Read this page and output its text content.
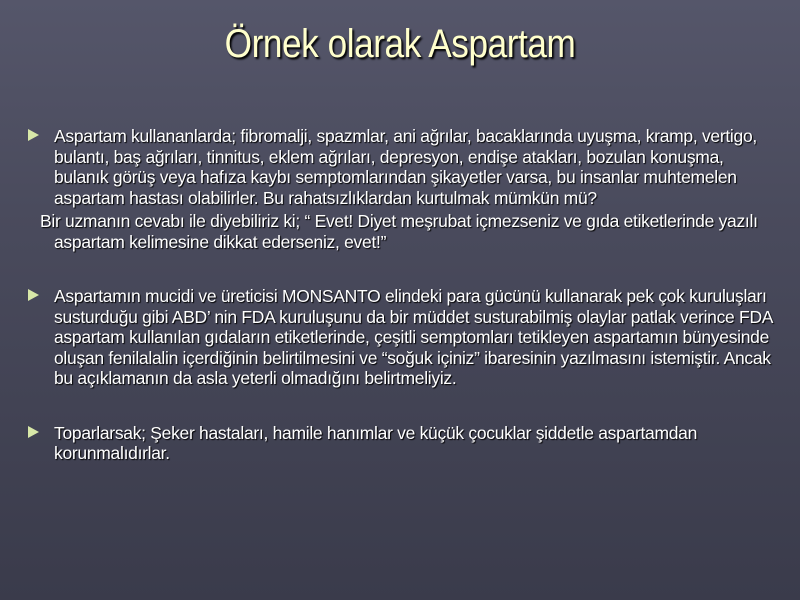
Örnek olarak Aspartam
Aspartam kullananlarda; fibromalji, spazmlar, ani ağrılar, bacaklarında uyuşma, kramp, vertigo, bulantı, baş ağrıları, tinnitus, eklem ağrıları, depresyon, endişe atakları, bozulan konuşma, bulanık görüş veya hafıza kaybı semptomlarından şikayetler varsa, bu insanlar muhtemelen aspartam hastası olabilirler. Bu rahatsızlıklardan kurtulmak mümkün mü?
Bir uzmanın cevabı ile diyebiliriz ki; “ Evet! Diyet meşrubat içmezseniz ve gıda etiketlerinde yazılı aspartam kelimesine dikkat ederseniz, evet!”
Aspartamın mucidi ve üreticisi MONSANTO elindeki para gücünü kullanarak pek çok kuruluşları susturduğu gibi ABD’ nin FDA kuruluşunu da bir müddet susturabilmiş olaylar patlak verince FDA aspartam kullanılan gıdaların etiketlerinde, çeşitli semptomları tetikleyen aspartamın bünyesinde oluşan fenilalalin içerdiğinin belirtilmesini ve “soğuk içiniz” ibaresinin yazılmasını istemiştir. Ancak bu açıklamanın da asla yeterli olmadığını belirtmeliyiz.
Toparlarsak; Şeker hastaları, hamile hanımlar ve küçük çocuklar şiddetle aspartamdan korunmalıdırlar.
